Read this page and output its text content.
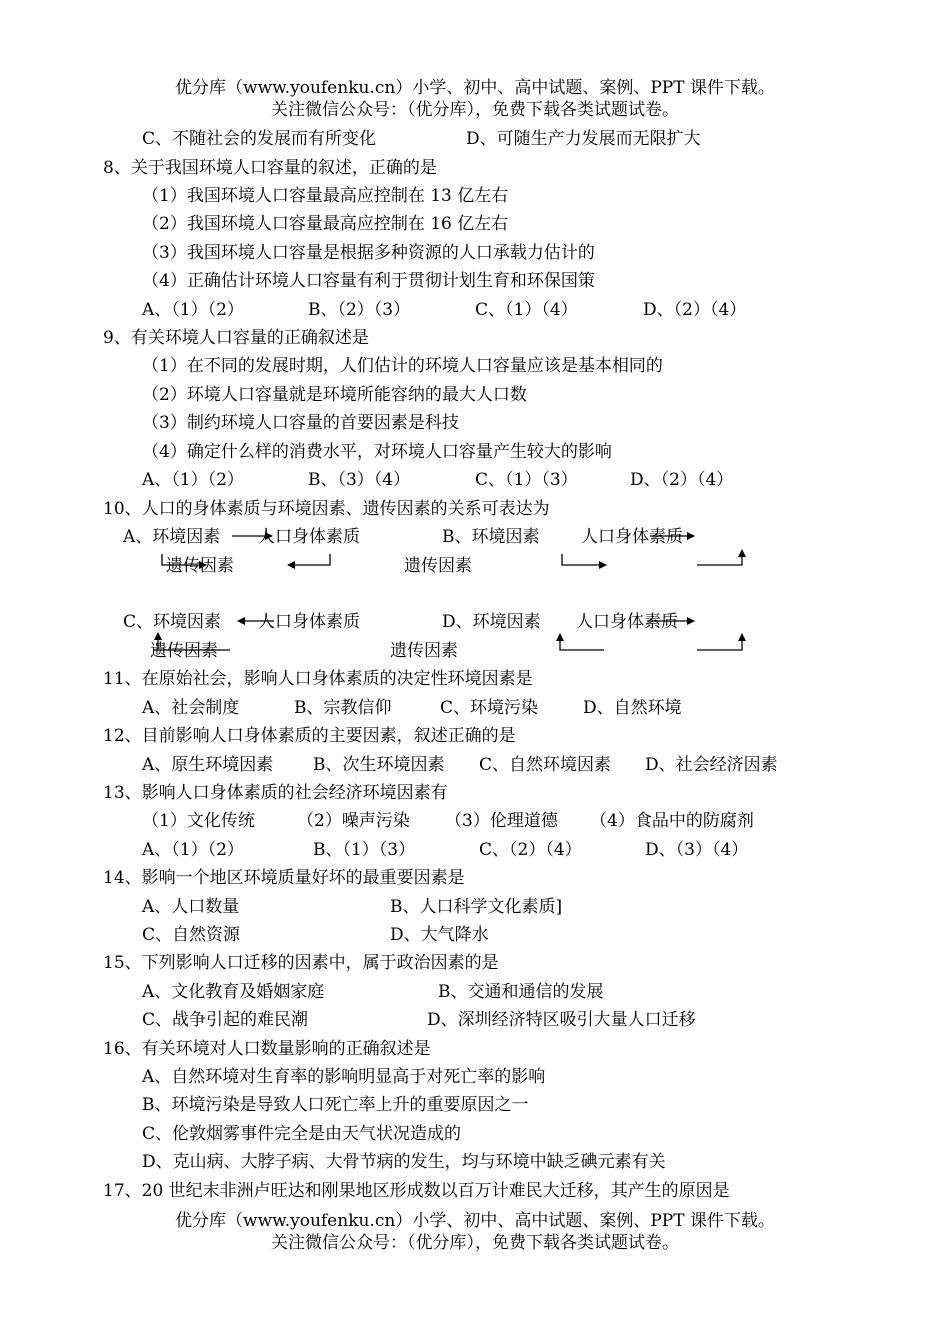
优分库（www.youfenku.cn）小学、初中、高中试题、案例、PPT 课件下载。
关注微信公众号：（优分库），免费下载各类试题试卷。
C、不随社会的发展而有所变化	D、可随生产力发展而无限扩大
8、关于我国环境人口容量的叙述，正确的是
（1）我国环境人口容量最高应控制在 13 亿左右
（2）我国环境人口容量最高应控制在 16 亿左右
（3）我国环境人口容量是根据多种资源的人口承载力估计的
（4）正确估计环境人口容量有利于贯彻计划生育和环保国策
A、（1）（2）	B、（2）（3）	C、（1）（4）	D、（2）（4）
9、有关环境人口容量的正确叙述是
（1）在不同的发展时期，人们估计的环境人口容量应该是基本相同的
（2）环境人口容量就是环境所能容纳的最大人口数
（3）制约环境人口容量的首要因素是科技
（4）确定什么样的消费水平，对环境人口容量产生较大的影响
A、（1）（2）	B、（3）（4）	C、（1）（3）	D、（2）（4）
10、人口的身体素质与环境因素、遗传因素的关系可表达为
A、环境因素 人口身体素质
遗传因素
B、环境因素 人口身体素质
遗传因素
C、环境因素 人口身体素质
遗传因素
D、环境因素 人口身体素质
遗传因素
11、在原始社会，影响人口身体素质的决定性环境因素是
A、社会制度	B、宗教信仰	C、环境污染	D、自然环境
12、目前影响人口身体素质的主要因素，叙述正确的是
A、原生环境因素 B、次生环境因素 C、自然环境因素 D、社会经济因素
13、影响人口身体素质的社会经济环境因素有
（1）文化传统 （2）噪声污染 （3）伦理道德 （4）食品中的防腐剂
A、（1）（2）	B、（1）（3）	C、（2）（4）	D、（3）（4）
14、影响一个地区环境质量好坏的最重要因素是
A、人口数量	B、人口科学文化素质]
C、自然资源	D、大气降水
15、下列影响人口迁移的因素中，属于政治因素的是
A、文化教育及婚姻家庭	B、交通和通信的发展
C、战争引起的难民潮	D、深圳经济特区吸引大量人口迁移
16、有关环境对人口数量影响的正确叙述是
A、自然环境对生育率的影响明显高于对死亡率的影响
B、环境污染是导致人口死亡率上升的重要原因之一
C、伦敦烟雾事件完全是由天气状况造成的
D、克山病、大脖子病、大骨节病的发生，均与环境中缺乏碘元素有关
17、20 世纪末非洲卢旺达和刚果地区形成数以百万计难民大迁移，其产生的原因是
优分库（www.youfenku.cn）小学、初中、高中试题、案例、PPT 课件下载。
关注微信公众号：（优分库），免费下载各类试题试卷。
